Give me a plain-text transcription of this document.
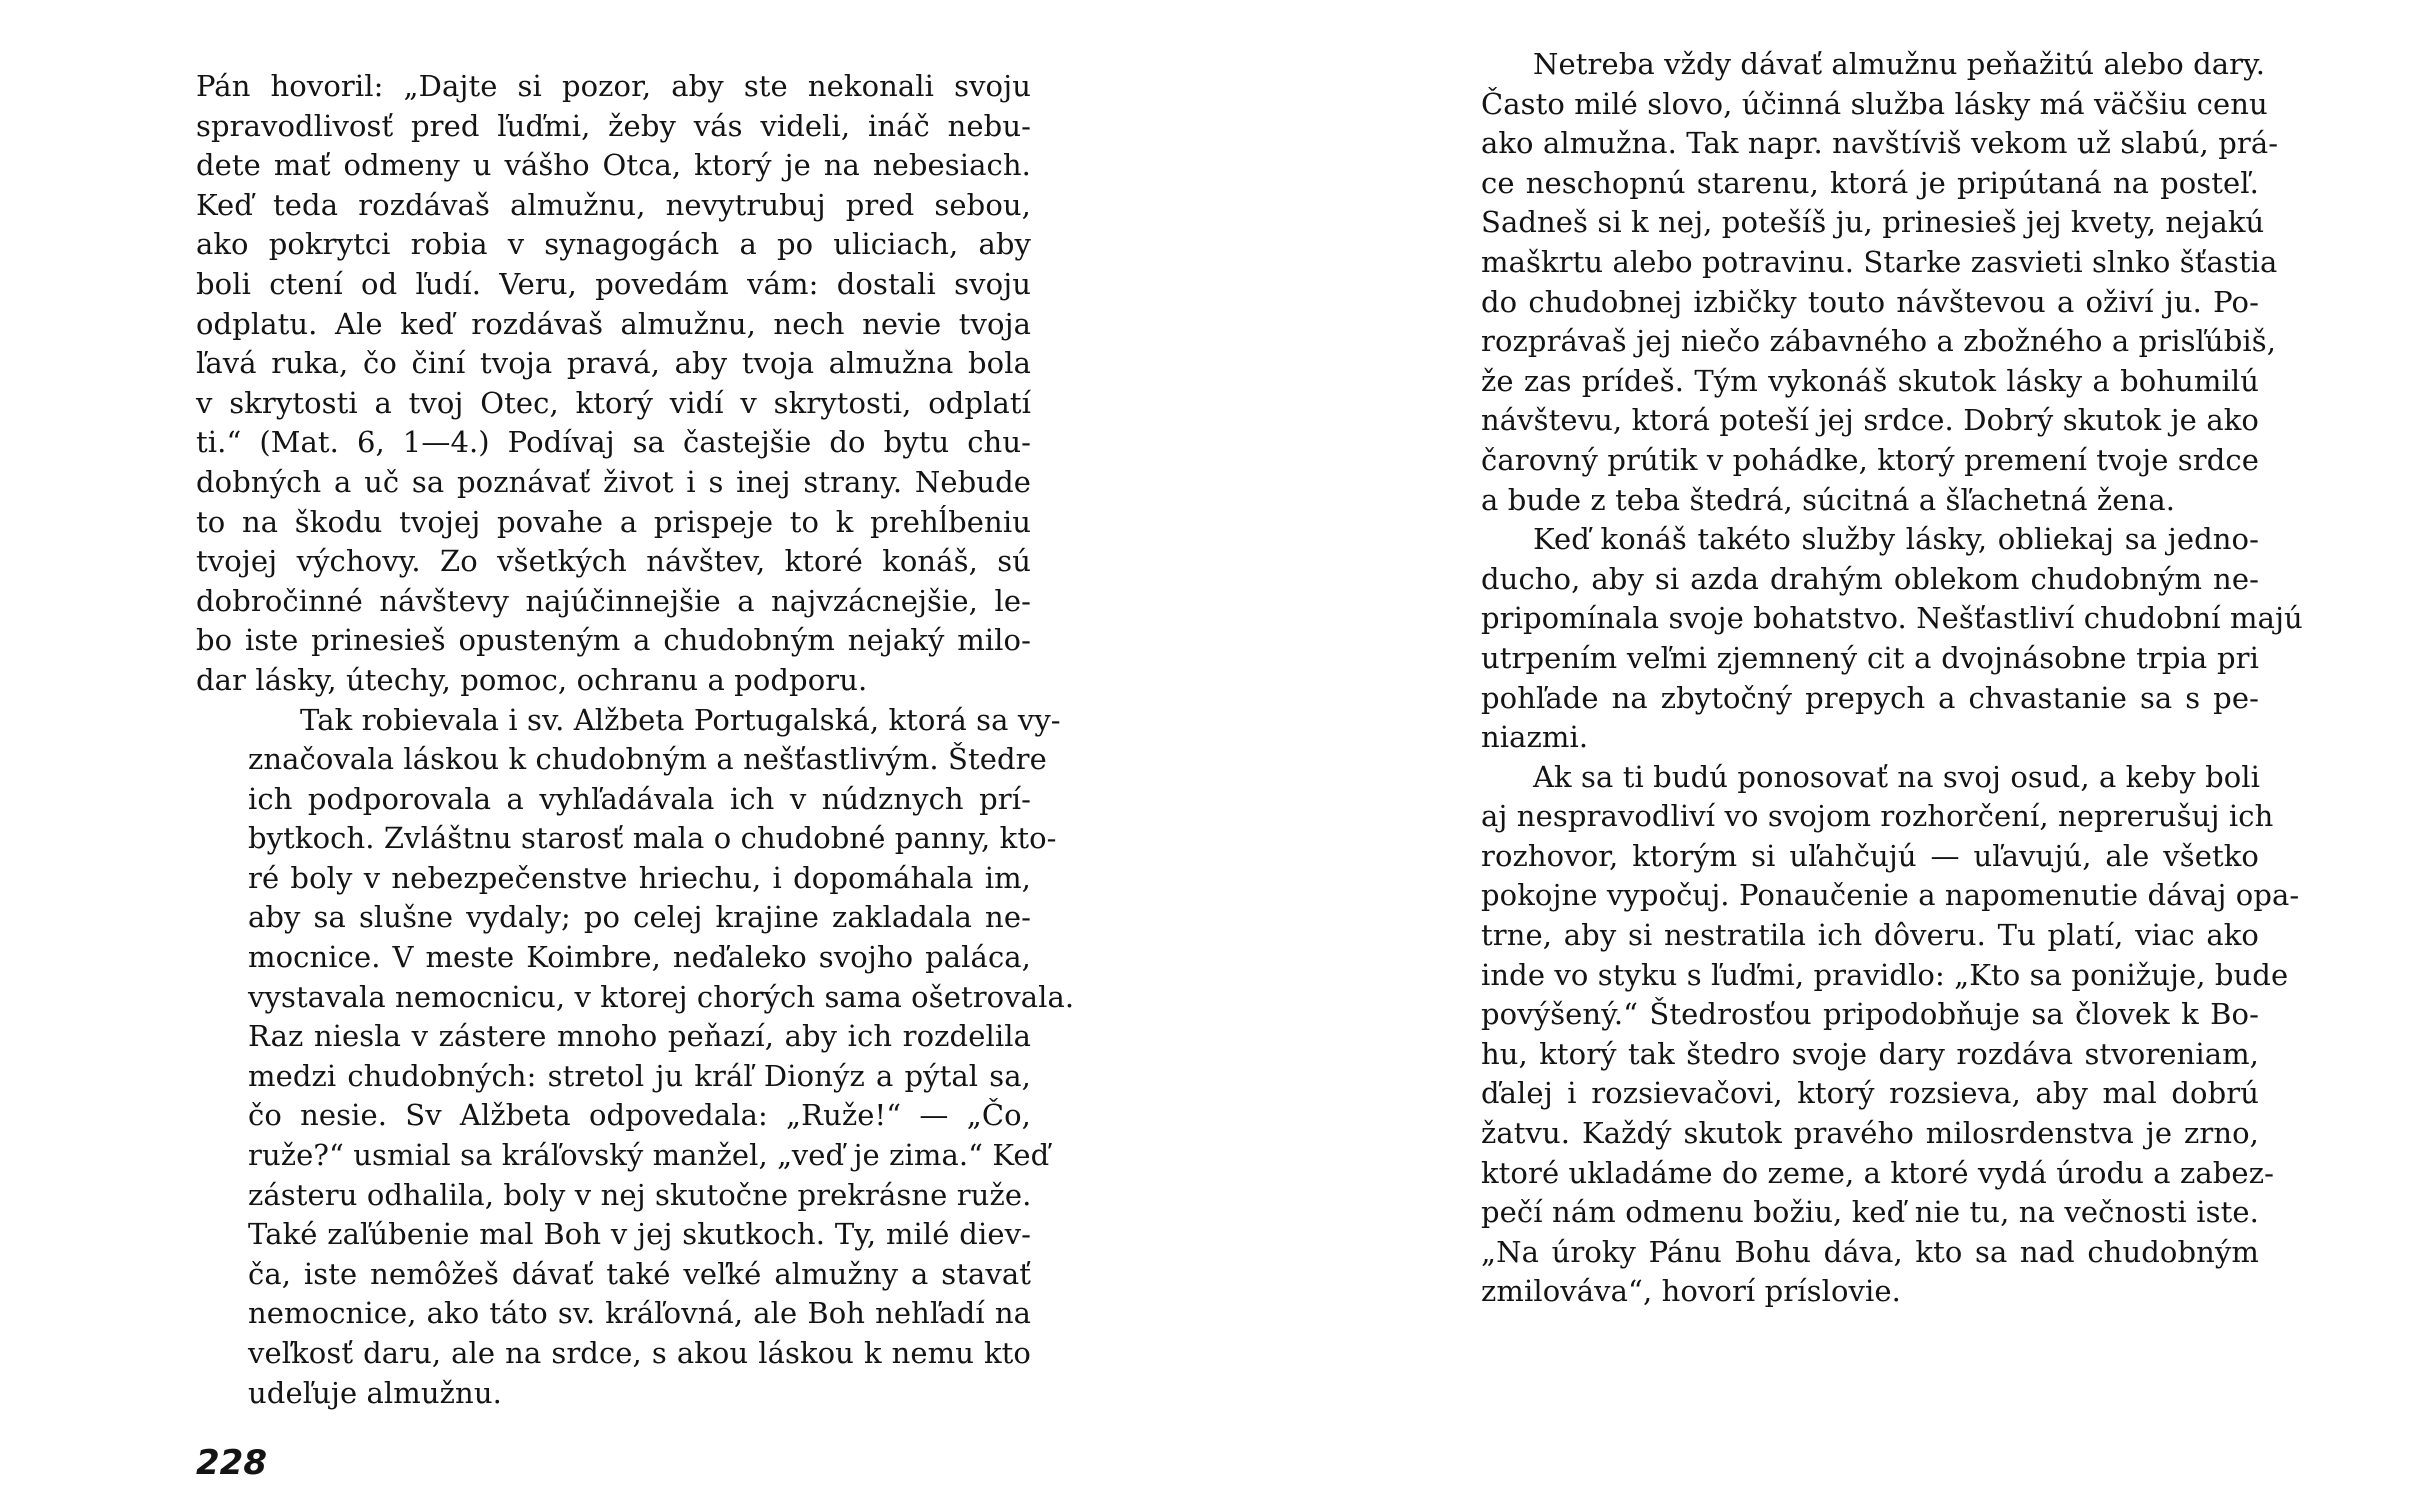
Pán hovoril: „Dajte si pozor, aby ste nekonali svoju
spravodlivosť pred ľuďmi, žeby vás videli, ináč nebu-
dete mať odmeny u vášho Otca, ktorý je na nebesiach.
Keď teda rozdávaš almužnu, nevytrubuj pred sebou,
ako pokrytci robia v synagogách a po uliciach, aby
boli ctení od ľudí. Veru, povedám vám: dostali svoju
odplatu. Ale keď rozdávaš almužnu, nech nevie tvoja
ľavá ruka, čo činí tvoja pravá, aby tvoja almužna bola
v skrytosti a tvoj Otec, ktorý vidí v skrytosti, odplatí
ti.“ (Mat. 6, 1—4.) Podívaj sa častejšie do bytu chu-
dobných a uč sa poznávať život i s inej strany. Nebude
to na škodu tvojej povahe a prispeje to k prehĺbeniu
tvojej výchovy. Zo všetkých návštev, ktoré konáš, sú
dobročinné návštevy najúčinnejšie a najvzácnejšie, le-
bo iste prinesieš opusteným a chudobným nejaký milo-
dar lásky, útechy, pomoc, ochranu a podporu.
Tak robievala i sv. Alžbeta Portugalská, ktorá sa vy-
značovala láskou k chudobným a nešťastlivým. Štedre
ich podporovala a vyhľadávala ich v núdznych prí-
bytkoch. Zvláštnu starosť mala o chudobné panny, kto-
ré boly v nebezpečenstve hriechu, i dopomáhala im,
aby sa slušne vydaly; po celej krajine zakladala ne-
mocnice. V meste Koimbre, neďaleko svojho paláca,
vystavala nemocnicu, v ktorej chorých sama ošetrovala.
Raz niesla v zástere mnoho peňazí, aby ich rozdelila
medzi chudobných: stretol ju kráľ Dionýz a pýtal sa,
čo nesie. Sv Alžbeta odpovedala: „Ruže!“ — „Čo,
ruže?“ usmial sa kráľovský manžel, „veď je zima.“ Keď
zásteru odhalila, boly v nej skutočne prekrásne ruže.
Také zaľúbenie mal Boh v jej skutkoch. Ty, milé diev-
ča, iste nemôžeš dávať také veľké almužny a stavať
nemocnice, ako táto sv. kráľovná, ale Boh nehľadí na
veľkosť daru, ale na srdce, s akou láskou k nemu kto
udeľuje almužnu.
228
Netreba vždy dávať almužnu peňažitú alebo dary.
Často milé slovo, účinná služba lásky má väčšiu cenu
ako almužna. Tak napr. navštíviš vekom už slabú, prá-
ce neschopnú starenu, ktorá je pripútaná na posteľ.
Sadneš si k nej, potešíš ju, prinesieš jej kvety, nejakú
maškrtu alebo potravinu. Starke zasvieti slnko šťastia
do chudobnej izbičky touto návštevou a oživí ju. Po-
rozprávaš jej niečo zábavného a zbožného a prisľúbiš,
že zas prídeš. Tým vykonáš skutok lásky a bohumilú
návštevu, ktorá poteší jej srdce. Dobrý skutok je ako
čarovný prútik v pohádke, ktorý premení tvoje srdce
a bude z teba štedrá, súcitná a šľachetná žena.
Keď konáš takéto služby lásky, obliekaj sa jedno-
ducho, aby si azda drahým oblekom chudobným ne-
pripomínala svoje bohatstvo. Nešťastliví chudobní majú
utrpením veľmi zjemnený cit a dvojnásobne trpia pri
pohľade na zbytočný prepych a chvastanie sa s pe-
niazmi.
Ak sa ti budú ponosovať na svoj osud, a keby boli
aj nespravodliví vo svojom rozhorčení, neprerušuj ich
rozhovor, ktorým si uľahčujú — uľavujú, ale všetko
pokojne vypočuj. Ponaučenie a napomenutie dávaj opa-
trne, aby si nestratila ich dôveru. Tu platí, viac ako
inde vo styku s ľuďmi, pravidlo: „Kto sa ponižuje, bude
povýšený.“ Štedrosťou pripodobňuje sa človek k Bo-
hu, ktorý tak štedro svoje dary rozdáva stvoreniam,
ďalej i rozsievačovi, ktorý rozsieva, aby mal dobrú
žatvu. Každý skutok pravého milosrdenstva je zrno,
ktoré ukladáme do zeme, a ktoré vydá úrodu a zabez-
pečí nám odmenu božiu, keď nie tu, na večnosti iste.
„Na úroky Pánu Bohu dáva, kto sa nad chudobným
zmilováva“, hovorí príslovie.
